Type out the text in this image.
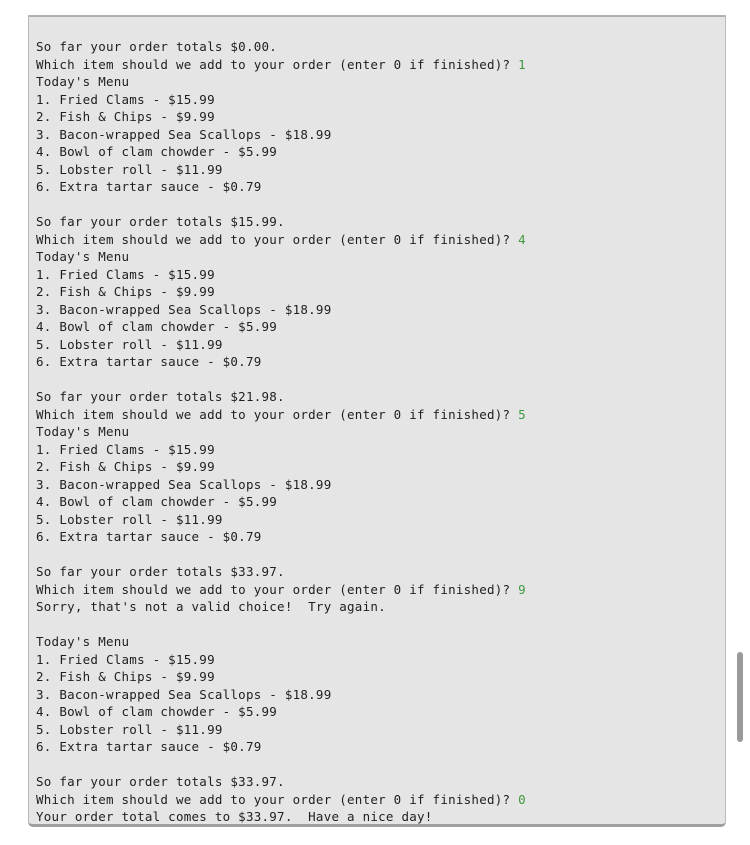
So far your order totals $0.00.
Which item should we add to your order (enter 0 if finished)? 1
Today's Menu
1. Fried Clams - $15.99
2. Fish & Chips - $9.99
3. Bacon-wrapped Sea Scallops - $18.99
4. Bowl of clam chowder - $5.99
5. Lobster roll - $11.99
6. Extra tartar sauce - $0.79
So far your order totals $15.99.
Which item should we add to your order (enter 0 if finished)? 4
Today's Menu
1. Fried Clams - $15.99
2. Fish & Chips - $9.99
3. Bacon-wrapped Sea Scallops - $18.99
4. Bowl of clam chowder - $5.99
5. Lobster roll - $11.99
6. Extra tartar sauce - $0.79
So far your order totals $21.98.
Which item should we add to your order (enter 0 if finished)? 5
Today's Menu
1. Fried Clams - $15.99
2. Fish & Chips - $9.99
3. Bacon-wrapped Sea Scallops - $18.99
4. Bowl of clam chowder - $5.99
5. Lobster roll - $11.99
6. Extra tartar sauce - $0.79
So far your order totals $33.97.
Which item should we add to your order (enter 0 if finished)? 9
Sorry, that's not a valid choice!  Try again.
Today's Menu
1. Fried Clams - $15.99
2. Fish & Chips - $9.99
3. Bacon-wrapped Sea Scallops - $18.99
4. Bowl of clam chowder - $5.99
5. Lobster roll - $11.99
6. Extra tartar sauce - $0.79
So far your order totals $33.97.
Which item should we add to your order (enter 0 if finished)? 0
Your order total comes to $33.97.  Have a nice day!
